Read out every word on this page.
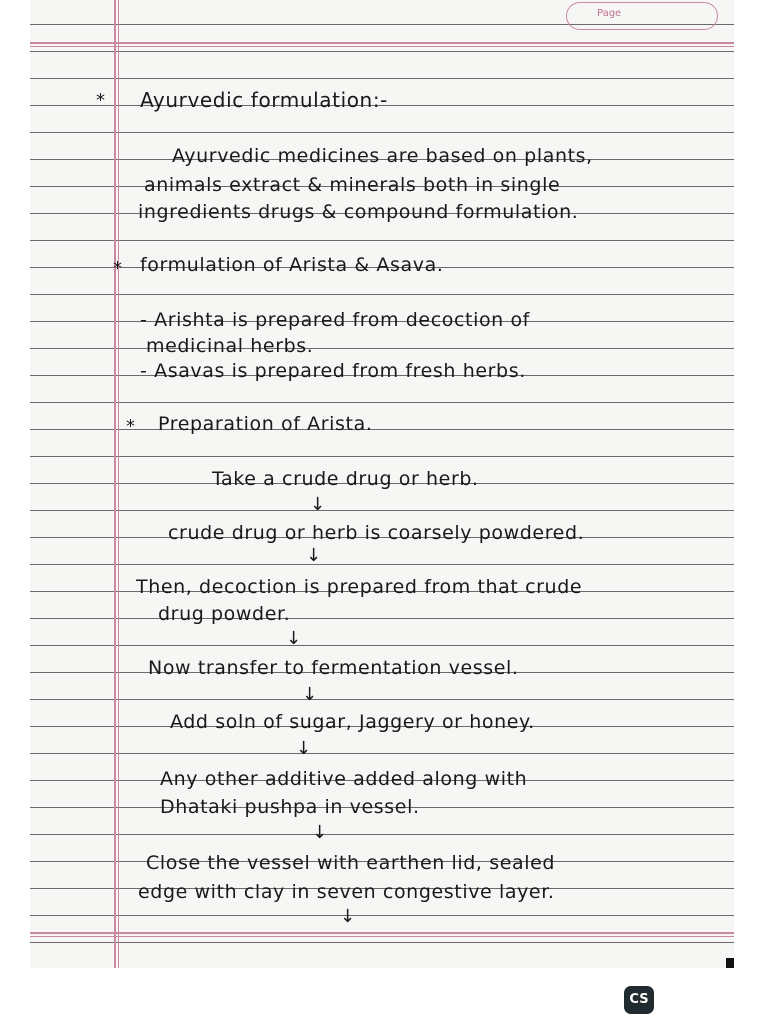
Page
* Ayurvedic formulation:-

Ayurvedic medicines are based on plants,

animals extract & minerals both in single

ingredients drugs & compound formulation.

* formulation of Arista & Asava.

- Arishta is prepared from decoction of

medicinal herbs.

- Asavas is prepared from fresh herbs.

* Preparation of Arista.

Take a crude drug or herb.

↓

crude drug or herb is coarsely powdered.

↓

Then, decoction is prepared from that crude

drug powder.

↓

Now transfer to fermentation vessel.

↓

Add soln of sugar, Jaggery or honey.

↓

Any other additive added along with

Dhataki pushpa in vessel.

↓

Close the vessel with earthen lid, sealed

edge with clay in seven congestive layer.

↓
CS
